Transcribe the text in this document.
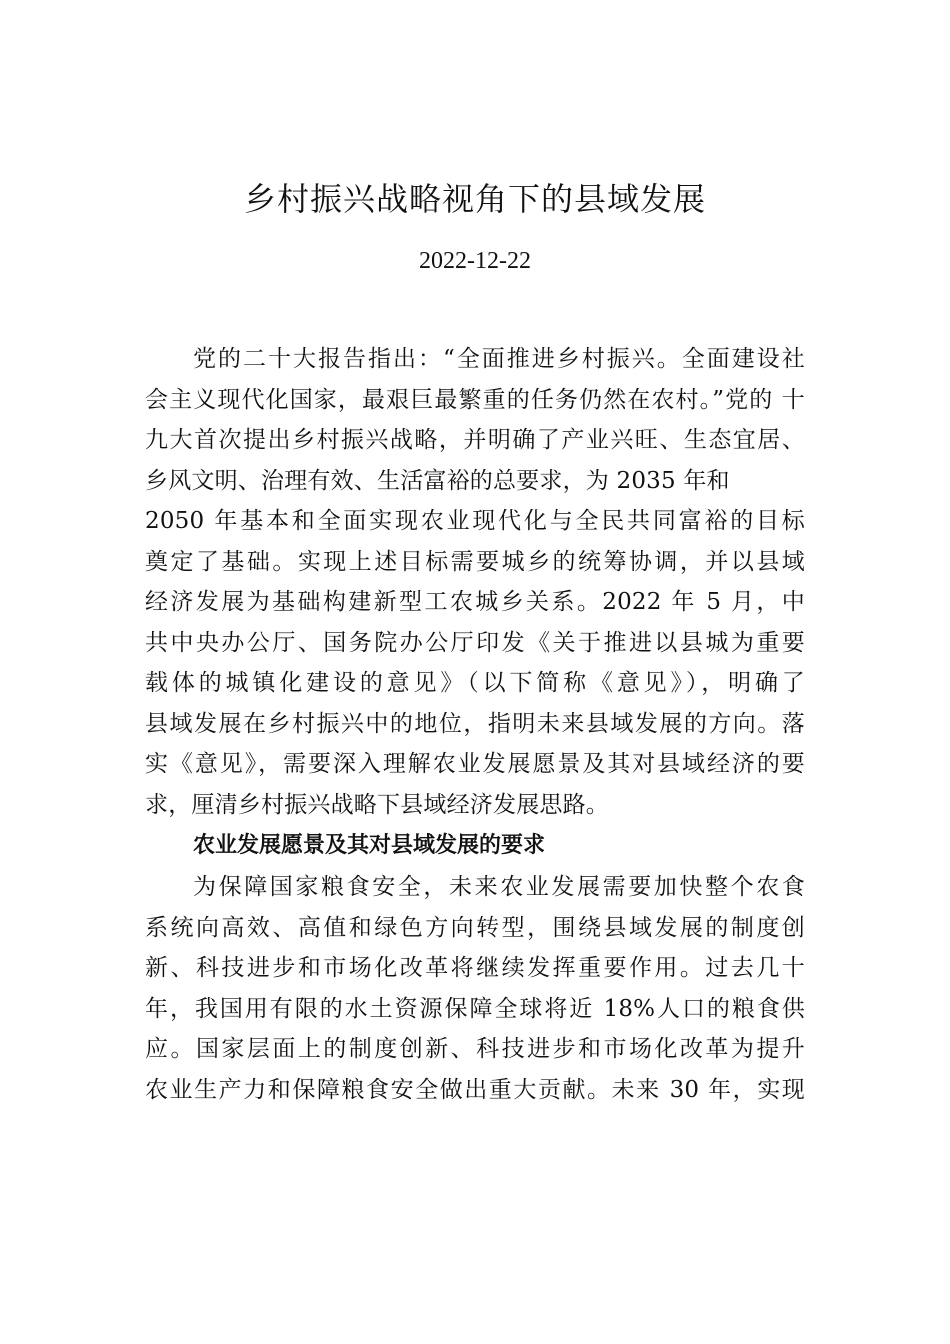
乡村振兴战略视角下的县域发展
2022-12-22
党的二十大报告指出：“全面推进乡村振兴。全面建设社
会主义现代化国家，最艰巨最繁重的任务仍然在农村。”党的 十
九大首次提出乡村振兴战略，并明确了产业兴旺、生态宜居、
乡风文明、治理有效、生活富裕的总要求，为 2035 年和
2050 年基本和全面实现农业现代化与全民共同富裕的目标
奠定了基础。实现上述目标需要城乡的统筹协调，并以县域
经济发展为基础构建新型工农城乡关系。2022 年 5 月，中
共中央办公厅、国务院办公厅印发《关于推进以县城为重要
载体的城镇化建设的意见》（以下简称《意见》），明确了
县域发展在乡村振兴中的地位，指明未来县域发展的方向。落
实《意见》，需要深入理解农业发展愿景及其对县域经济的要
求，厘清乡村振兴战略下县域经济发展思路。
农业发展愿景及其对县域发展的要求
为保障国家粮食安全，未来农业发展需要加快整个农食
系统向高效、高值和绿色方向转型，围绕县域发展的制度创
新、科技进步和市场化改革将继续发挥重要作用。过去几十
年，我国用有限的水土资源保障全球将近 18%人口的粮食供
应。国家层面上的制度创新、科技进步和市场化改革为提升
农业生产力和保障粮食安全做出重大贡献。未来 30 年，实现
